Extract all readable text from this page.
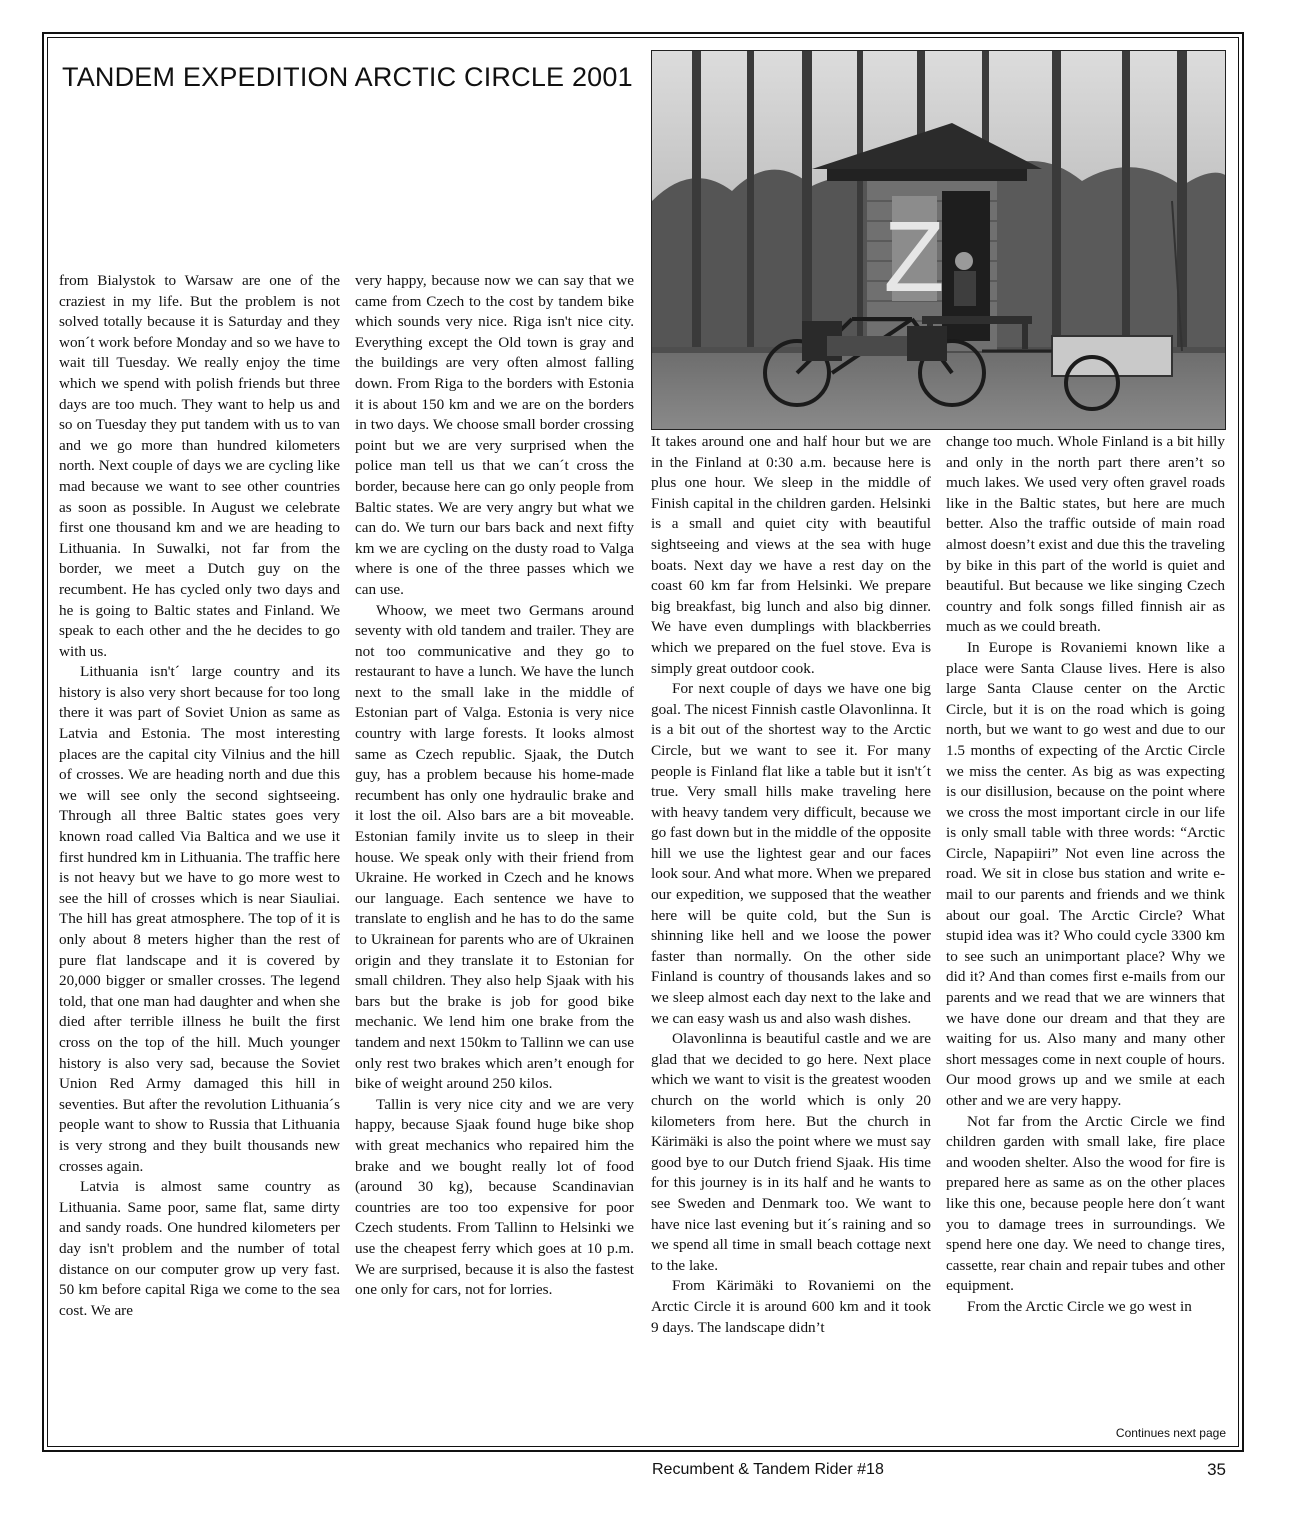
TANDEM EXPEDITION ARCTIC CIRCLE 2001
Z

from Bialystok to Warsaw are one of the craziest in my life. But the problem is not solved totally because it is Saturday and they won´t work before Monday and so we have to wait till Tuesday. We really enjoy the time which we spend with polish friends but three days are too much. They want to help us and so on Tuesday they put tandem with us to van and we go more than hundred kilometers north. Next couple of days we are cycling like mad because we want to see other countries as soon as possible. In August we celebrate first one thousand km and we are heading to Lithuania. In Suwalki, not far from the border, we meet a Dutch guy on the recumbent. He has cycled only two days and he is going to Baltic states and Finland. We speak to each other and the he decides to go with us.

Lithuania isn't´ large country and its history is also very short because for too long there it was part of Soviet Union as same as Latvia and Estonia. The most interesting places are the capital city Vilnius and the hill of crosses. We are heading north and due this we will see only the second sightseeing. Through all three Baltic states goes very known road called Via Baltica and we use it first hundred km in Lithuania. The traffic here is not heavy but we have to go more west to see the hill of crosses which is near Siauliai. The hill has great atmosphere. The top of it is only about 8 meters higher than the rest of pure flat landscape and it is covered by 20,000 bigger or smaller crosses. The legend told, that one man had daughter and when she died after terrible illness he built the first cross on the top of the hill. Much younger history is also very sad, because the Soviet Union Red Army damaged this hill in seventies. But after the revolution Lithuania´s people want to show to Russia that Lithuania is very strong and they built thousands new crosses again.

Latvia is almost same country as Lithuania. Same poor, same flat, same dirty and sandy roads. One hundred kilometers per day isn't problem and the number of total distance on our computer grow up very fast. 50 km before capital Riga we come to the sea cost. We are

very happy, because now we can say that we came from Czech to the cost by tandem bike which sounds very nice. Riga isn't nice city. Everything except the Old town is gray and the buildings are very often almost falling down. From Riga to the borders with Estonia it is about 150 km and we are on the borders in two days. We choose small border crossing point but we are very surprised when the police man tell us that we can´t cross the border, because here can go only people from Baltic states. We are very angry but what we can do. We turn our bars back and next fifty km we are cycling on the dusty road to Valga where is one of the three passes which we can use.

Whoow, we meet two Germans around seventy with old tandem and trailer. They are not too communicative and they go to restaurant to have a lunch. We have the lunch next to the small lake in the middle of Estonian part of Valga. Estonia is very nice country with large forests. It looks almost same as Czech republic. Sjaak, the Dutch guy, has a problem because his home-made recumbent has only one hydraulic brake and it lost the oil. Also bars are a bit moveable. Estonian family invite us to sleep in their house. We speak only with their friend from Ukraine. He worked in Czech and he knows our language. Each sentence we have to translate to english and he has to do the same to Ukrainean for parents who are of Ukrainen origin and they translate it to Estonian for small children. They also help Sjaak with his bars but the brake is job for good bike mechanic. We lend him one brake from the tandem and next 150km to Tallinn we can use only rest two brakes which aren’t enough for bike of weight around 250 kilos.

Tallin is very nice city and we are very happy, because Sjaak found huge bike shop with great mechanics who repaired him the brake and we bought really lot of food (around 30 kg), because Scandinavian countries are too too expensive for poor Czech students. From Tallinn to Helsinki we use the cheapest ferry which goes at 10 p.m. We are surprised, because it is also the fastest one only for cars, not for lorries.

It takes around one and half hour but we are in the Finland at 0:30 a.m. because here is plus one hour. We sleep in the middle of Finish capital in the children garden. Helsinki is a small and quiet city with beautiful sightseeing and views at the sea with huge boats. Next day we have a rest day on the coast 60 km far from Helsinki. We prepare big breakfast, big lunch and also big dinner. We have even dumplings with blackberries which we prepared on the fuel stove. Eva is simply great outdoor cook.

For next couple of days we have one big goal. The nicest Finnish castle Olavonlinna. It is a bit out of the shortest way to the Arctic Circle, but we want to see it. For many people is Finland flat like a table but it isn't´t true. Very small hills make traveling here with heavy tandem very difficult, because we go fast down but in the middle of the opposite hill we use the lightest gear and our faces look sour. And what more. When we prepared our expedition, we supposed that the weather here will be quite cold, but the Sun is shinning like hell and we loose the power faster than normally. On the other side Finland is country of thousands lakes and so we sleep almost each day next to the lake and we can easy wash us and also wash dishes.

Olavonlinna is beautiful castle and we are glad that we decided to go here. Next place which we want to visit is the greatest wooden church on the world which is only 20 kilometers from here. But the church in Kärimäki is also the point where we must say good bye to our Dutch friend Sjaak. His time for this journey is in its half and he wants to see Sweden and Denmark too. We want to have nice last evening but it´s raining and so we spend all time in small beach cottage next to the lake.

From Kärimäki to Rovaniemi on the Arctic Circle it is around 600 km and it took 9 days. The landscape didn’t

change too much. Whole Finland is a bit hilly and only in the north part there aren’t so much lakes. We used very often gravel roads like in the Baltic states, but here are much better. Also the traffic outside of main road almost doesn’t exist and due this the traveling by bike in this part of the world is quiet and beautiful. But because we like singing Czech country and folk songs filled finnish air as much as we could breath.

In Europe is Rovaniemi known like a place were Santa Clause lives. Here is also large Santa Clause center on the Arctic Circle, but it is on the road which is going north, but we want to go west and due to our 1.5 months of expecting of the Arctic Circle we miss the center. As big as was expecting is our disillusion, because on the point where we cross the most important circle in our life is only small table with three words: “Arctic Circle, Napapiiri” Not even line across the road. We sit in close bus station and write e-mail to our parents and friends and we think about our goal. The Arctic Circle? What stupid idea was it? Who could cycle 3300 km to see such an unimportant place? Why we did it? And than comes first e-mails from our parents and we read that we are winners that we have done our dream and that they are waiting for us. Also many and many other short messages come in next couple of hours. Our mood grows up and we smile at each other and we are very happy.

Not far from the Arctic Circle we find children garden with small lake, fire place and wooden shelter. Also the wood for fire is prepared here as same as on the other places like this one, because people here don´t want you to damage trees in surroundings. We spend here one day. We need to change tires, cassette, rear chain and repair tubes and other equipment.

From the Arctic Circle we go west in

Continues next page
Recumbent & Tandem Rider #18	35
